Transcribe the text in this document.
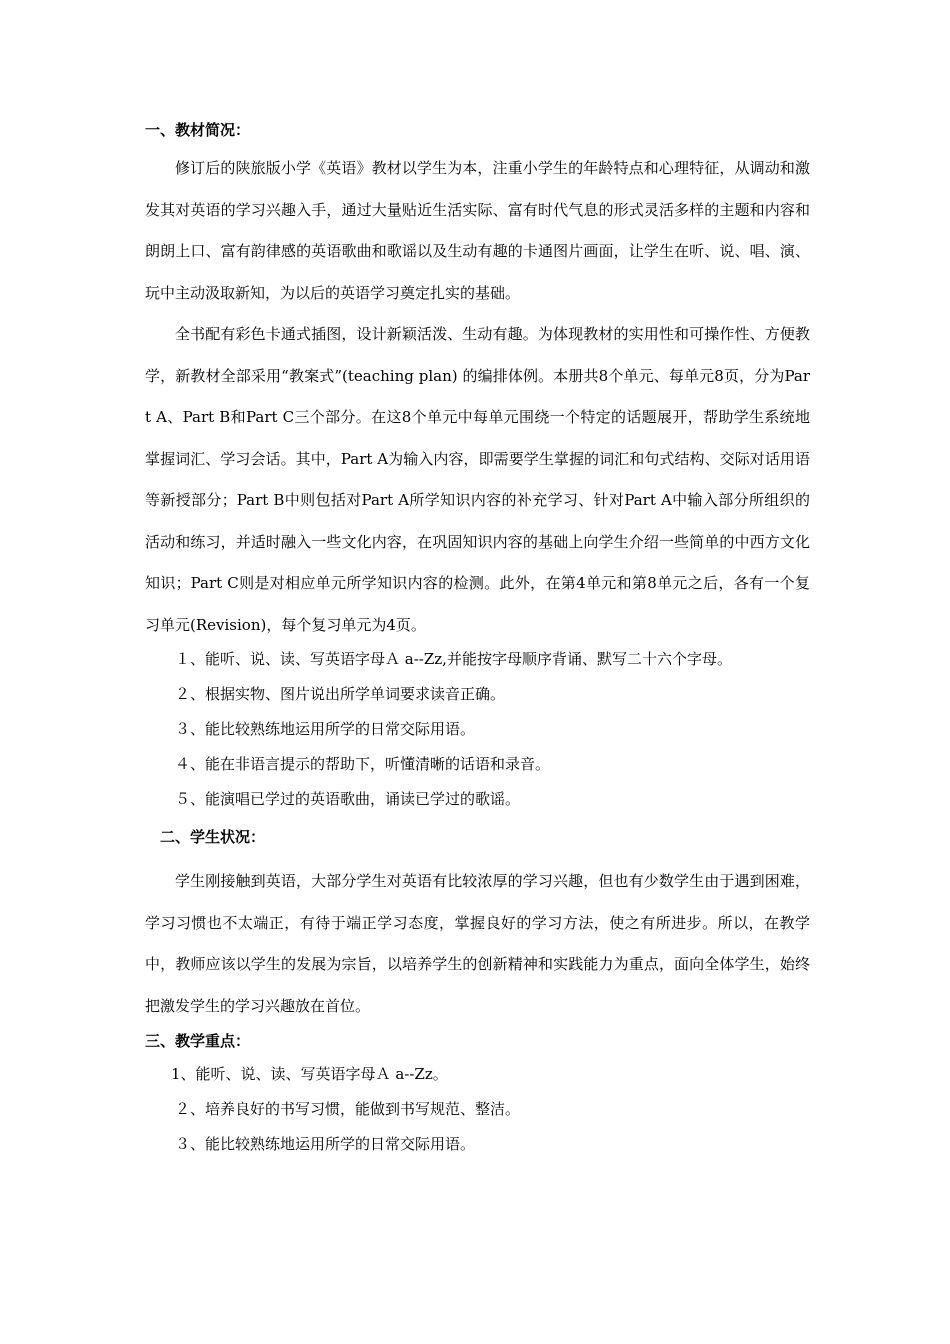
一、教材简况：

修订后的陕旅版小学《英语》教材以学生为本，注重小学生的年龄特点和心理特征，从调动和激发其对英语的学习兴趣入手，通过大量贴近生活实际、富有时代气息的形式灵活多样的主题和内容和朗朗上口、富有韵律感的英语歌曲和歌谣以及生动有趣的卡通图片画面，让学生在听、说、唱、演、玩中主动汲取新知，为以后的英语学习奠定扎实的基础。

全书配有彩色卡通式插图，设计新颖活泼、生动有趣。为体现教材的实用性和可操作性、方便教学，新教材全部采用“教案式”(teaching plan) 的编排体例。本册共8个单元、每单元8页，分为Part A、Part B和Part C三个部分。在这8个单元中每单元围绕一个特定的话题展开，帮助学生系统地掌握词汇、学习会话。其中，Part A为输入内容，即需要学生掌握的词汇和句式结构、交际对话用语等新授部分；Part B中则包括对Part A所学知识内容的补充学习、针对Part A中输入部分所组织的活动和练习，并适时融入一些文化内容，在巩固知识内容的基础上向学生介绍一些简单的中西方文化知识；Part C则是对相应单元所学知识内容的检测。此外，在第4单元和第8单元之后，各有一个复习单元(Revision)，每个复习单元为4页。

１、能听、说、读、写英语字母Ａ a--Zz,并能按字母顺序背诵、默写二十六个字母。

２、根据实物、图片说出所学单词要求读音正确。

３、能比较熟练地运用所学的日常交际用语。

４、能在非语言提示的帮助下，听懂清晰的话语和录音。

５、能演唱已学过的英语歌曲，诵读已学过的歌谣。

二、学生状况：

学生刚接触到英语，大部分学生对英语有比较浓厚的学习兴趣，但也有少数学生由于遇到困难，学习习惯也不太端正，有待于端正学习态度，掌握良好的学习方法，使之有所进步。所以，在教学中，教师应该以学生的发展为宗旨，以培养学生的创新精神和实践能力为重点，面向全体学生，始终把激发学生的学习兴趣放在首位。

三、教学重点：

1、能听、说、读、写英语字母Ａ a--Zz。

２、培养良好的书写习惯，能做到书写规范、整洁。

３、能比较熟练地运用所学的日常交际用语。
